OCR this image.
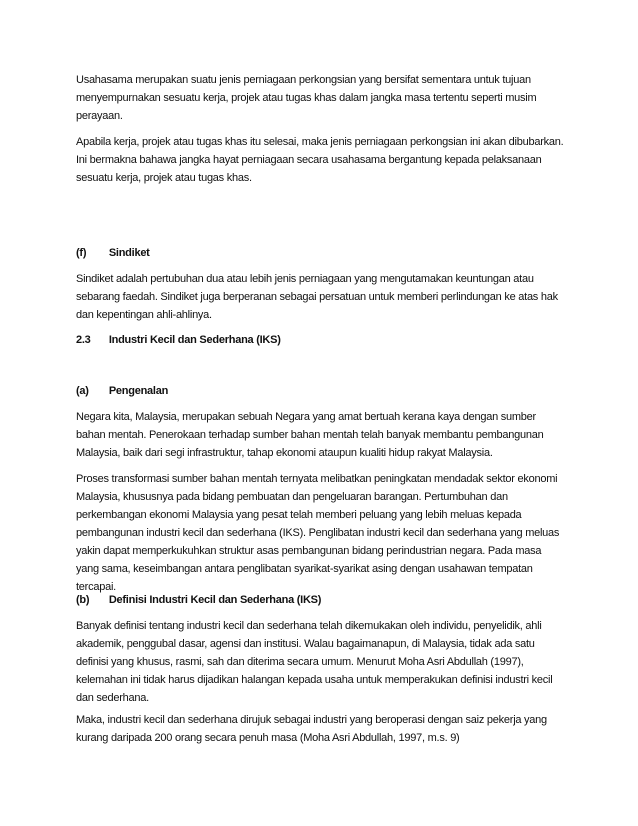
Usahasama merupakan suatu jenis perniagaan perkongsian yang bersifat sementara untuk tujuan menyempurnakan sesuatu kerja, projek atau tugas khas dalam jangka masa tertentu seperti musim perayaan.

Apabila kerja, projek atau tugas khas itu selesai, maka jenis perniagaan perkongsian ini akan dibubarkan. Ini bermakna bahawa jangka hayat perniagaan secara usahasama bergantung kepada pelaksanaan sesuatu kerja, projek atau tugas khas.

(f) Sindiket

Sindiket adalah pertubuhan dua atau lebih jenis perniagaan yang mengutamakan keuntungan atau sebarang faedah. Sindiket juga berperanan sebagai persatuan untuk memberi perlindungan ke atas hak dan kepentingan ahli-ahlinya.

2.3 Industri Kecil dan Sederhana (IKS)
(a) Pengenalan

Negara kita, Malaysia, merupakan sebuah Negara yang amat bertuah kerana kaya dengan sumber bahan mentah. Penerokaan terhadap sumber bahan mentah telah banyak membantu pembangunan Malaysia, baik dari segi infrastruktur, tahap ekonomi ataupun kualiti hidup rakyat Malaysia.

Proses transformasi sumber bahan mentah ternyata melibatkan peningkatan mendadak sektor ekonomi Malaysia, khususnya pada bidang pembuatan dan pengeluaran barangan. Pertumbuhan dan perkembangan ekonomi Malaysia yang pesat telah memberi peluang yang lebih meluas kepada pembangunan industri kecil dan sederhana (IKS). Penglibatan industri kecil dan sederhana yang meluas yakin dapat memperkukuhkan struktur asas pembangunan bidang perindustrian negara. Pada masa yang sama, keseimbangan antara penglibatan syarikat-syarikat asing dengan usahawan tempatan tercapai.

(b) Definisi Industri Kecil dan Sederhana (IKS)

Banyak definisi tentang industri kecil dan sederhana telah dikemukakan oleh individu, penyelidik, ahli akademik, penggubal dasar, agensi dan institusi. Walau bagaimanapun, di Malaysia, tidak ada satu definisi yang khusus, rasmi, sah dan diterima secara umum. Menurut Moha Asri Abdullah (1997), kelemahan ini tidak harus dijadikan halangan kepada usaha untuk memperakukan definisi industri kecil dan sederhana.

Maka, industri kecil dan sederhana dirujuk sebagai industri yang beroperasi dengan saiz pekerja yang kurang daripada 200 orang secara penuh masa (Moha Asri Abdullah, 1997, m.s. 9)
